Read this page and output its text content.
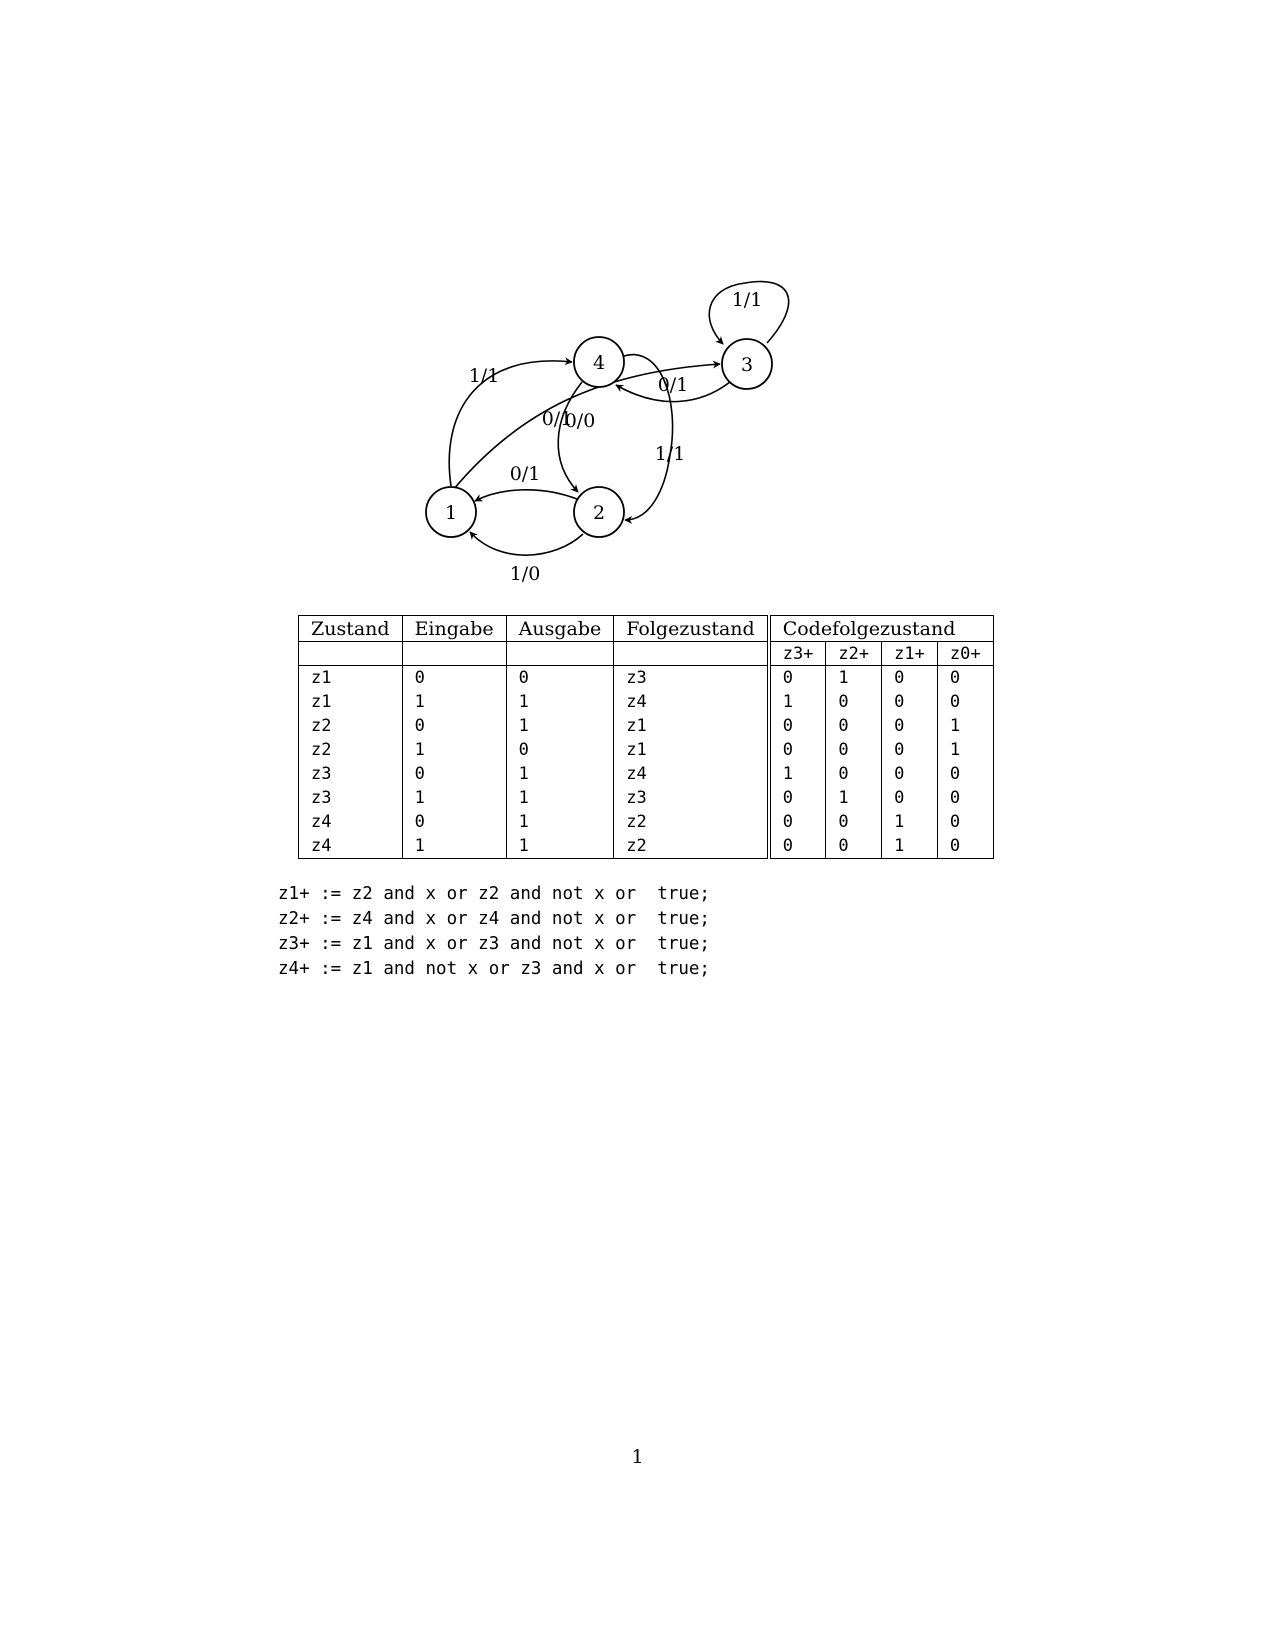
1	2
3
4
1/1
0/0
0/1
1/0
1/1
0/1
0/1
1/1
Zustand	Eingabe	Ausgabe	Folgezustand	Codefolgezustand			
				z3+	z2+	z1+	z0+
z1	0	0	z3	0	1	0	0
z1	1	1	z4	1	0	0	0
z2	0	1	z1	0	0	0	1
z2	1	0	z1	0	0	0	1
z3	0	1	z4	1	0	0	0
z3	1	1	z3	0	1	0	0
z4	0	1	z2	0	0	1	0
z4	1	1	z2	0	0	1	0
z1+ := z2 and x or z2 and not x or  true;
z2+ := z4 and x or z4 and not x or  true;
z3+ := z1 and x or z3 and not x or  true;
z4+ := z1 and not x or z3 and x or  true;
1
